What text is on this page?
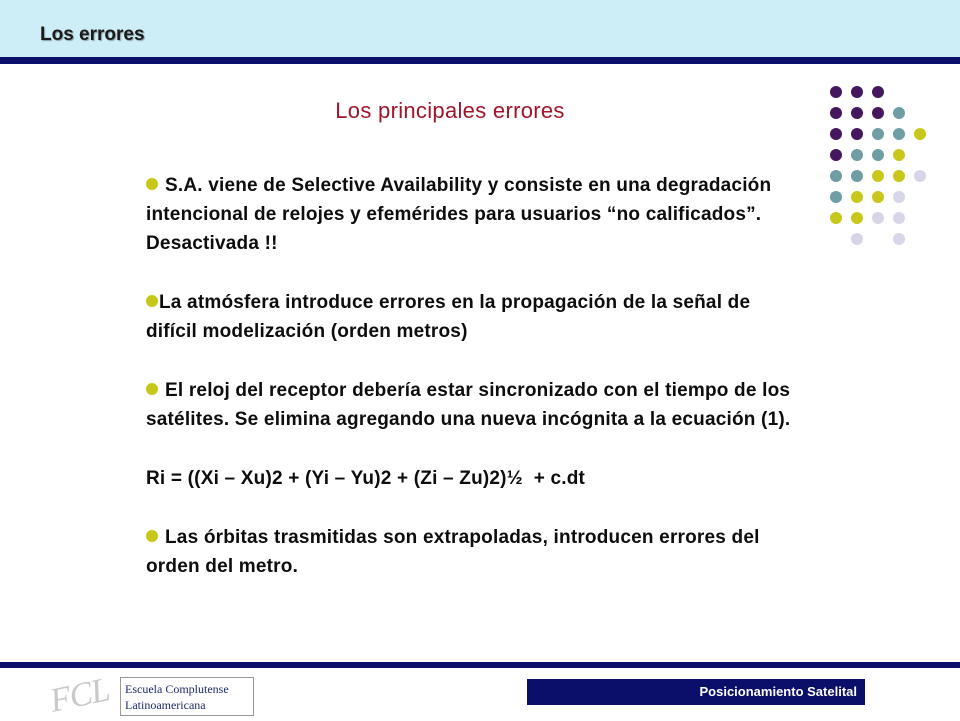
Los errores
Los principales errores

S.A. viene de Selective Availability y consiste en una degradación intencional de relojes y efemérides para usuarios “no calificados”. Desactivada !!

La atmósfera introduce errores en la propagación de la señal de difícil modelización (orden metros)

El reloj del receptor debería estar sincronizado con el tiempo de los satélites. Se elimina agregando una nueva incógnita a la ecuación (1).

Ri = ((Xi – Xu)2 + (Yi – Yu)2 + (Zi – Zu)2)½  + c.dt

Las órbitas trasmitidas son extrapoladas, introducen errores del orden del metro.

FCL Escuela Complutense
Latinoamericana
Posicionamiento Satelital
